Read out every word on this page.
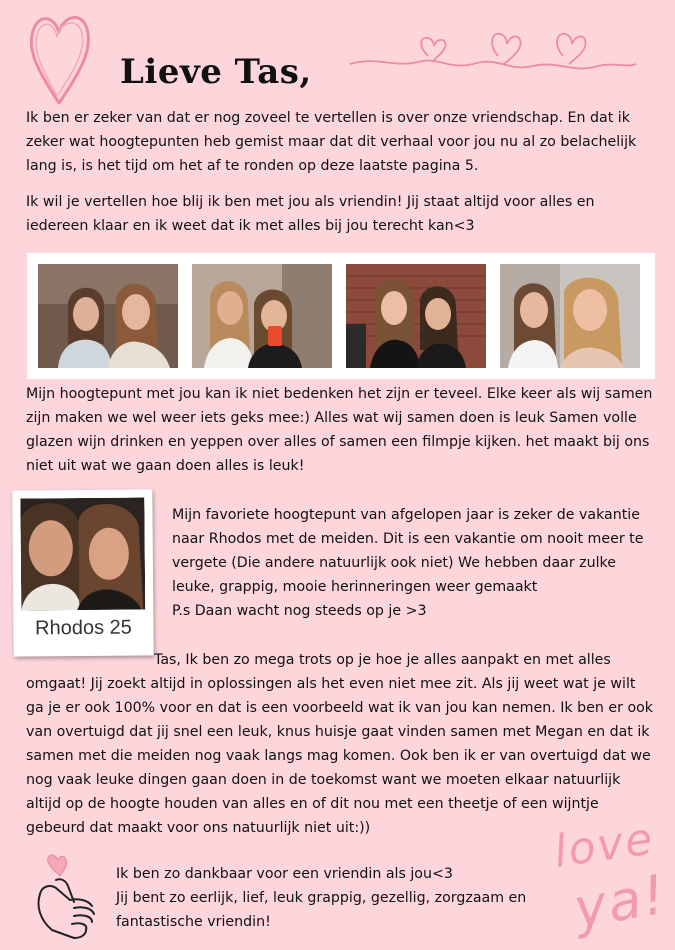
Lieve Tas,

Ik ben er zeker van dat er nog zoveel te vertellen is over onze vriendschap. En dat ik zeker wat hoogtepunten heb gemist maar dat dit verhaal voor jou nu al zo belachelijk lang is, is het tijd om het af te ronden op deze laatste pagina 5.

Ik wil je vertellen hoe blij ik ben met jou als vriendin! Jij staat altijd voor alles en iedereen klaar en ik weet dat ik met alles bij jou terecht kan<3

Mijn hoogtepunt met jou kan ik niet bedenken het zijn er teveel. Elke keer als wij samen zijn maken we wel weer iets geks mee:) Alles wat wij samen doen is leuk Samen volle glazen wijn drinken en yeppen over alles of samen een filmpje kijken. het maakt bij ons niet uit wat we gaan doen alles is leuk!

Rhodos 25
Mijn favoriete hoogtepunt van afgelopen jaar is zeker de vakantie naar Rhodos met de meiden. Dit is een vakantie om nooit meer te vergete (Die andere natuurlijk ook niet) We hebben daar zulke leuke, grappig, mooie herinneringen weer gemaakt
P.s Daan wacht nog steeds op je >3

Tas, Ik ben zo mega trots op je hoe je alles aanpakt en met alles omgaat! Jij zoekt altijd in oplossingen als het even niet mee zit. Als jij weet wat je wilt ga je er ook 100% voor en dat is een voorbeeld wat ik van jou kan nemen. Ik ben er ook van overtuigd dat jij snel een leuk, knus huisje gaat vinden samen met Megan en dat ik samen met die meiden nog vaak langs mag komen. Ook ben ik er van overtuigd dat we nog vaak leuke dingen gaan doen in de toekomst want we moeten elkaar natuurlijk altijd op de hoogte houden van alles en of dit nou met een theetje of een wijntje gebeurd dat maakt voor ons natuurlijk niet uit:))

Ik ben zo dankbaar voor een vriendin als jou<3
Jij bent zo eerlijk, lief, leuk grappig, gezellig, zorgzaam en fantastische vriendin!
love
ya!
